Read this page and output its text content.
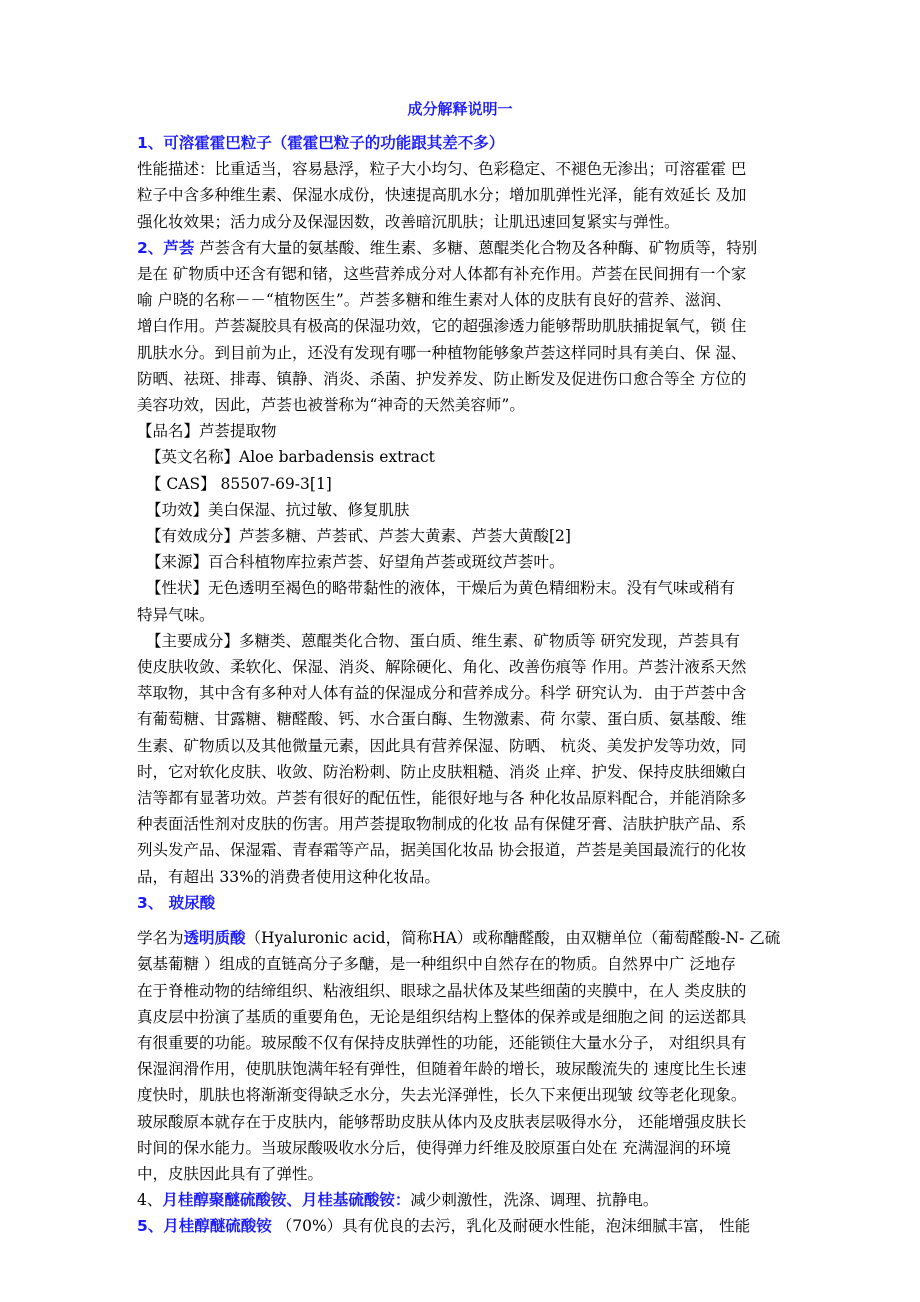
成分解释说明一

1、可溶霍霍巴粒子（霍霍巴粒子的功能跟其差不多）

性能描述：比重适当，容易悬浮，粒子大小均匀、色彩稳定、不褪色无渗出；可溶霍霍 巴

粒子中含多种维生素、保湿水成份，快速提高肌水分；增加肌弹性光泽，能有效延长 及加

强化妆效果；活力成分及保湿因数，改善暗沉肌肤；让肌迅速回复紧实与弹性。

2、芦荟 芦荟含有大量的氨基酸、维生素、多糖、蒽醌类化合物及各种酶、矿物质等，特别

是在 矿物质中还含有锶和锗，这些营养成分对人体都有补充作用。芦荟在民间拥有一个家

喻 户晓的名称－－“植物医生”。芦荟多糖和维生素对人体的皮肤有良好的营养、滋润、

增白作用。芦荟凝胶具有极高的保湿功效，它的超强渗透力能够帮助肌肤捕捉氧气，锁 住

肌肤水分。到目前为止，还没有发现有哪一种植物能够象芦荟这样同时具有美白、保 湿、

防晒、祛斑、排毒、镇静、消炎、杀菌、护发养发、防止断发及促进伤口愈合等全 方位的

美容功效，因此，芦荟也被誉称为“神奇的天然美容师”。

【品名】芦荟提取物

【英文名称】Aloe barbadensis extract

【 CAS】 85507-69-3[1]

【功效】美白保湿、抗过敏、修复肌肤

【有效成分】芦荟多糖、芦荟甙、芦荟大黄素、芦荟大黄酸[2]

【来源】百合科植物库拉索芦荟、好望角芦荟或斑纹芦荟叶。

【性状】无色透明至褐色的略带黏性的液体，干燥后为黄色精细粉末。没有气味或稍有

特异气味。

【主要成分】多糖类、蒽醌类化合物、蛋白质、维生素、矿物质等 研究发现，芦荟具有

使皮肤收敛、柔软化、保湿、消炎、解除硬化、角化、改善伤痕等 作用。芦荟汁液系天然

萃取物，其中含有多种对人体有益的保湿成分和营养成分。科学 研究认为．由于芦荟中含

有葡萄糖、甘露糖、糖醛酸、钙、水合蛋白酶、生物激素、荷 尔蒙、蛋白质、氨基酸、维

生素、矿物质以及其他微量元素，因此具有营养保湿、防晒、 杭炎、美发护发等功效，同

时，它对软化皮肤、收敛、防治粉刺、防止皮肤粗糙、消炎 止痒、护发、保持皮肤细嫩白

洁等都有显著功效。芦荟有很好的配伍性，能很好地与各 种化妆品原料配合，并能消除多

种表面活性剂对皮肤的伤害。用芦荟提取物制成的化妆 品有保健牙膏、洁肤护肤产品、系

列头发产品、保湿霜、青春霜等产品，据美国化妆品 协会报道，芦荟是美国最流行的化妆

品，有超出 33%的消费者使用这种化妆品。

3、 玻尿酸

学名为透明质酸（Hyaluronic acid，简称HA）或称醣醛酸，由双糖单位（葡萄醛酸-N- 乙硫

氨基葡糖 ）组成的直链高分子多醣，是一种组织中自然存在的物质。自然界中广 泛地存

在于脊椎动物的结缔组织、粘液组织、眼球之晶状体及某些细菌的夹膜中，在人 类皮肤的

真皮层中扮演了基质的重要角色，无论是组织结构上整体的保养或是细胞之间 的运送都具

有很重要的功能。玻尿酸不仅有保持皮肤弹性的功能，还能锁住大量水分子， 对组织具有

保湿润滑作用，使肌肤饱满年轻有弹性，但随着年龄的增长，玻尿酸流失的 速度比生长速

度快时，肌肤也将渐渐变得缺乏水分，失去光泽弹性，长久下来便出现皱 纹等老化现象。

玻尿酸原本就存在于皮肤内，能够帮助皮肤从体内及皮肤表层吸得水分， 还能增强皮肤长

时间的保水能力。当玻尿酸吸收水分后，使得弹力纤维及胶原蛋白处在 充满湿润的环境

中，皮肤因此具有了弹性。

4、月桂醇聚醚硫酸铵、月桂基硫酸铵：减少刺激性，洗涤、调理、抗静电。

5、月桂醇醚硫酸铵 （70%）具有优良的去污，乳化及耐硬水性能，泡沫细腻丰富， 性能
